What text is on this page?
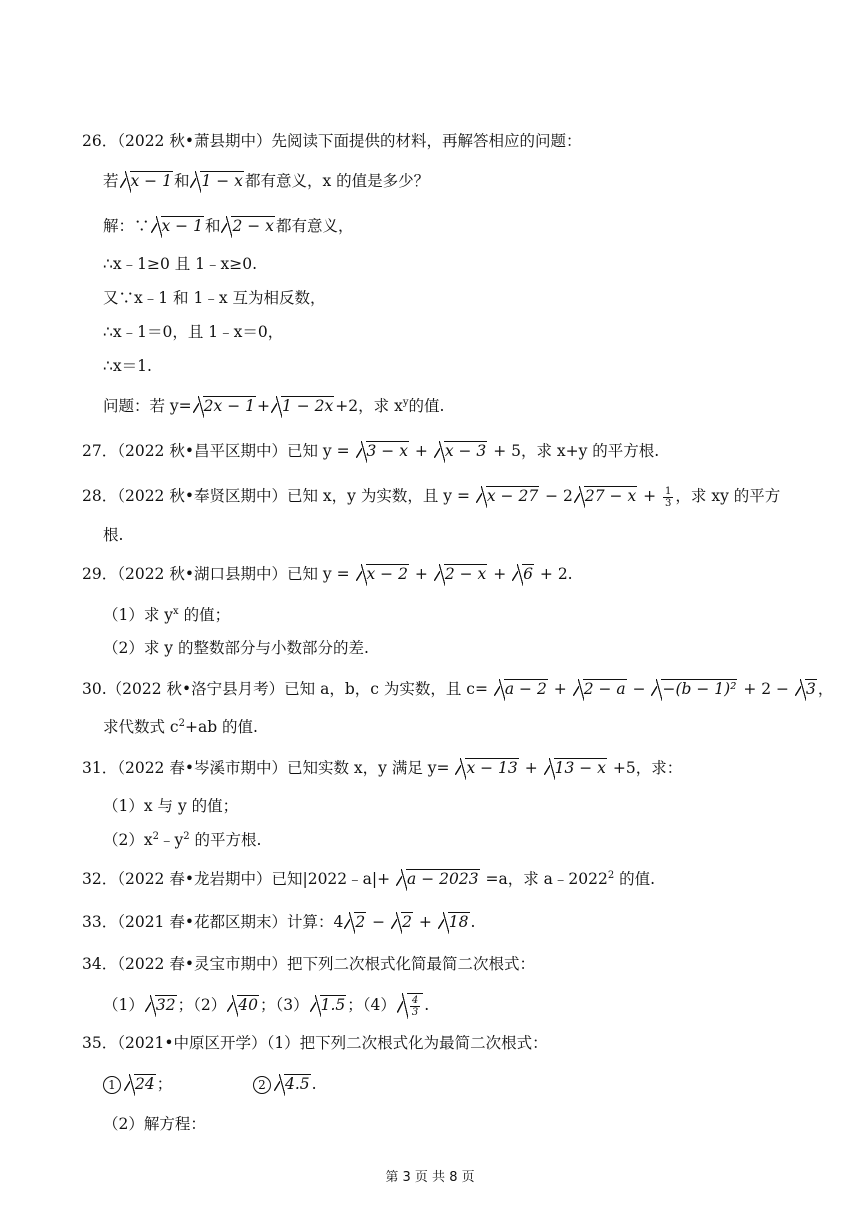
26．（2022 秋•萧县期中）先阅读下面提供的材料，再解答相应的问题：
若 x − 1 和 1 − x 都有意义，x 的值是多少？
解：∵ x − 1 和 2 − x 都有意义，
∴x﹣1≥0 且 1﹣x≥0.
又∵x﹣1 和 1﹣x 互为相反数，
∴x﹣1＝0，且 1﹣x＝0，
∴x＝1.
问题：若 y= 2x − 1 + 1 − 2x +2，求 $x^y$的值.
27．（2022 秋•昌平区期中）已知 y = 3 − x + x − 3 + 5，求 x+y 的平方根.
28．（2022 秋•奉贤区期中）已知 x，y 为实数，且 y = x − 27 − 2 $27 - x + \frac{1}{3}$ ，求 xy 的平方
根.
29．（2022 秋•湖口县期中）已知 y = x − 2 + 2 − x + 6 + 2.
（1）求 $y^x$ 的值；
（2）求 y 的整数部分与小数部分的差.
30.（2022 秋•洛宁县月考）已知 a，b，c 为实数，且 c= a − 2 + 2 − a − −(b − 1)² + 2 − 3 ，
求代数式 $c^2+ab$ 的值.
31．（2022 春•岑溪市期中）已知实数 x，y 满足 y= x − 13 + 13 − x +5，求：
（1）x 与 y 的值；
$(2)x^2﹣y^2$ 的平方根.
32．（2022 春•龙岩期中）已知|2022﹣a|+ a − 2023 =a，求 a﹣2022$^2$ 的值.
33．（2021 春•花都区期末）计算：4 2 − 2 + 18 .
34．（2022 春•灵宝市期中）把下列二次根式化简最简二次根式：
（1） 32 ；（2） 40 ；（3） 1.5 ；$(4) \frac{4}{3}$ .
35．（2021•中原区开学）（1）把下列二次根式化为最简二次根式：
1 24 ；	2 4.5 .
（2）解方程：
第 3 页 共 8 页
